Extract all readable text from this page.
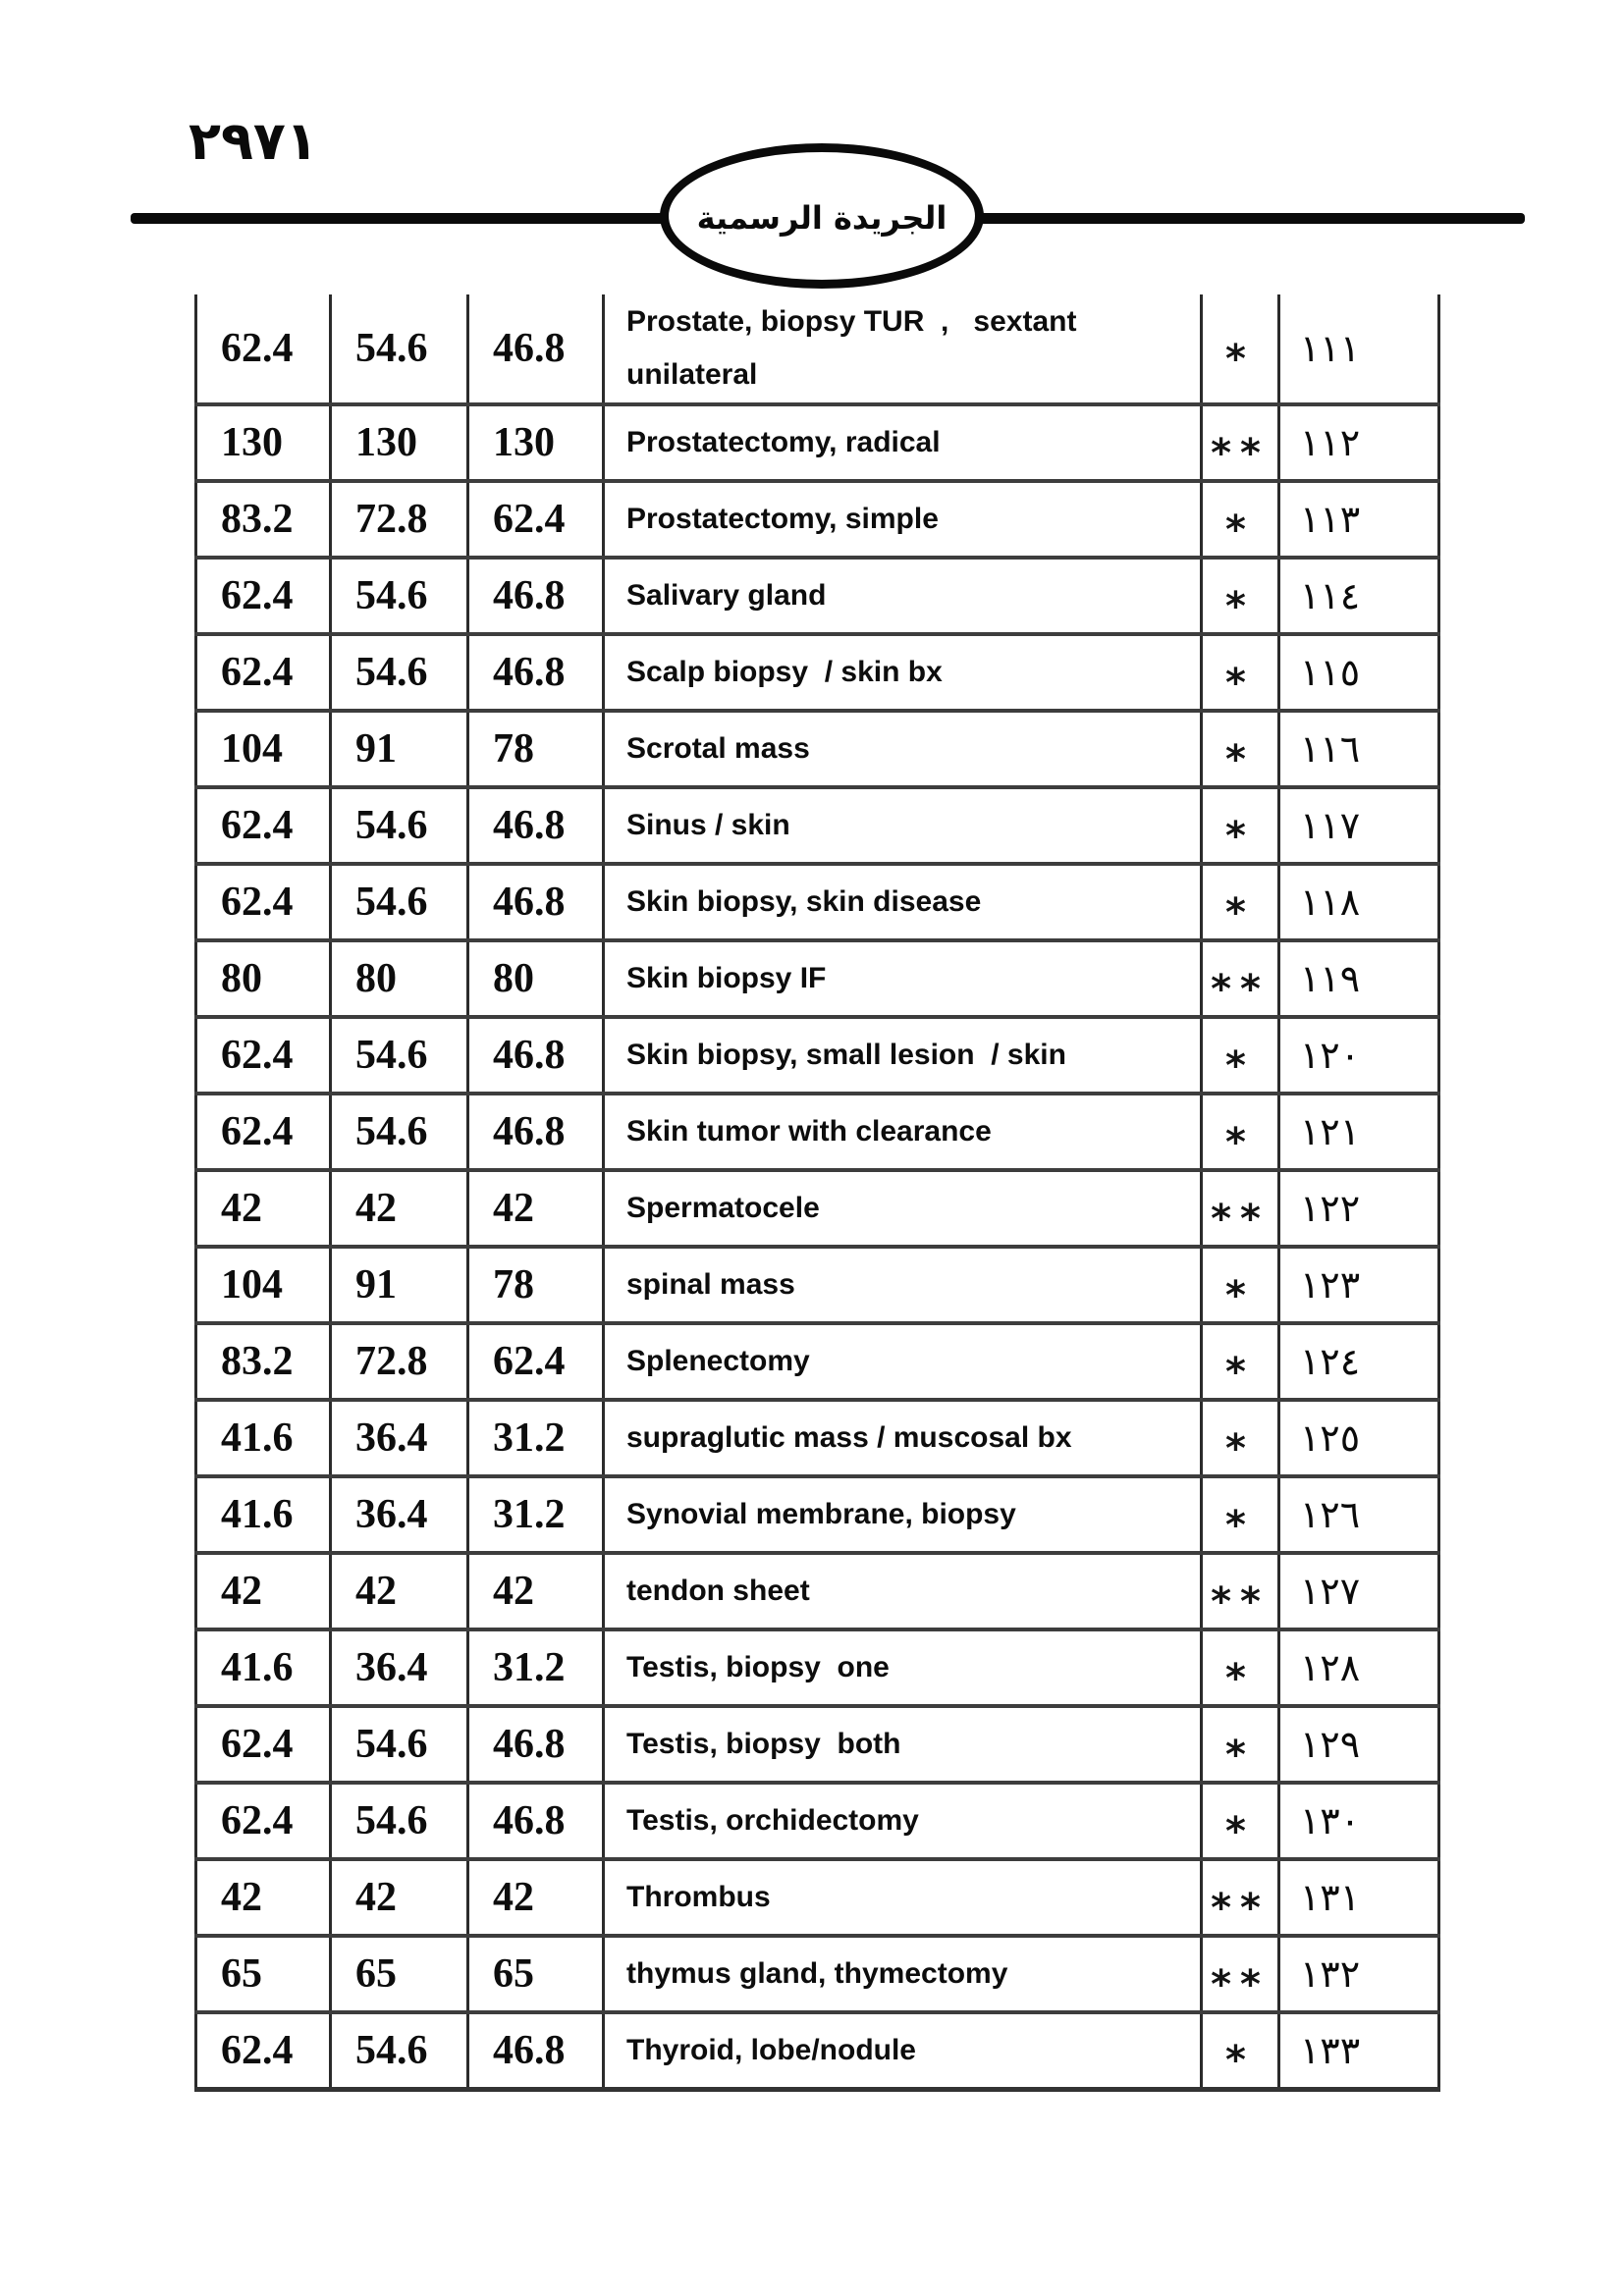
٢٩٧١
الجريدة الرسمية
62.4	54.6	46.8	Prostate, biopsy TUR  ,   sextant unilateral	*	١١١
130	130	130	Prostatectomy, radical	**	١١٢
83.2	72.8	62.4	Prostatectomy, simple	*	١١٣
62.4	54.6	46.8	Salivary gland	*	١١٤
62.4	54.6	46.8	Scalp biopsy  / skin bx	*	١١٥
104	91	78	Scrotal mass	*	١١٦
62.4	54.6	46.8	Sinus / skin	*	١١٧
62.4	54.6	46.8	Skin biopsy, skin disease	*	١١٨
80	80	80	Skin biopsy IF	**	١١٩
62.4	54.6	46.8	Skin biopsy, small lesion  / skin	*	١٢٠
62.4	54.6	46.8	Skin tumor with clearance	*	١٢١
42	42	42	Spermatocele	**	١٢٢
104	91	78	spinal mass	*	١٢٣
83.2	72.8	62.4	Splenectomy	*	١٢٤
41.6	36.4	31.2	supraglutic mass / muscosal bx	*	١٢٥
41.6	36.4	31.2	Synovial membrane, biopsy	*	١٢٦
42	42	42	tendon sheet	**	١٢٧
41.6	36.4	31.2	Testis, biopsy  one	*	١٢٨
62.4	54.6	46.8	Testis, biopsy  both	*	١٢٩
62.4	54.6	46.8	Testis, orchidectomy	*	١٣٠
42	42	42	Thrombus	**	١٣١
65	65	65	thymus gland, thymectomy	**	١٣٢
62.4	54.6	46.8	Thyroid, lobe/nodule	*	١٣٣
